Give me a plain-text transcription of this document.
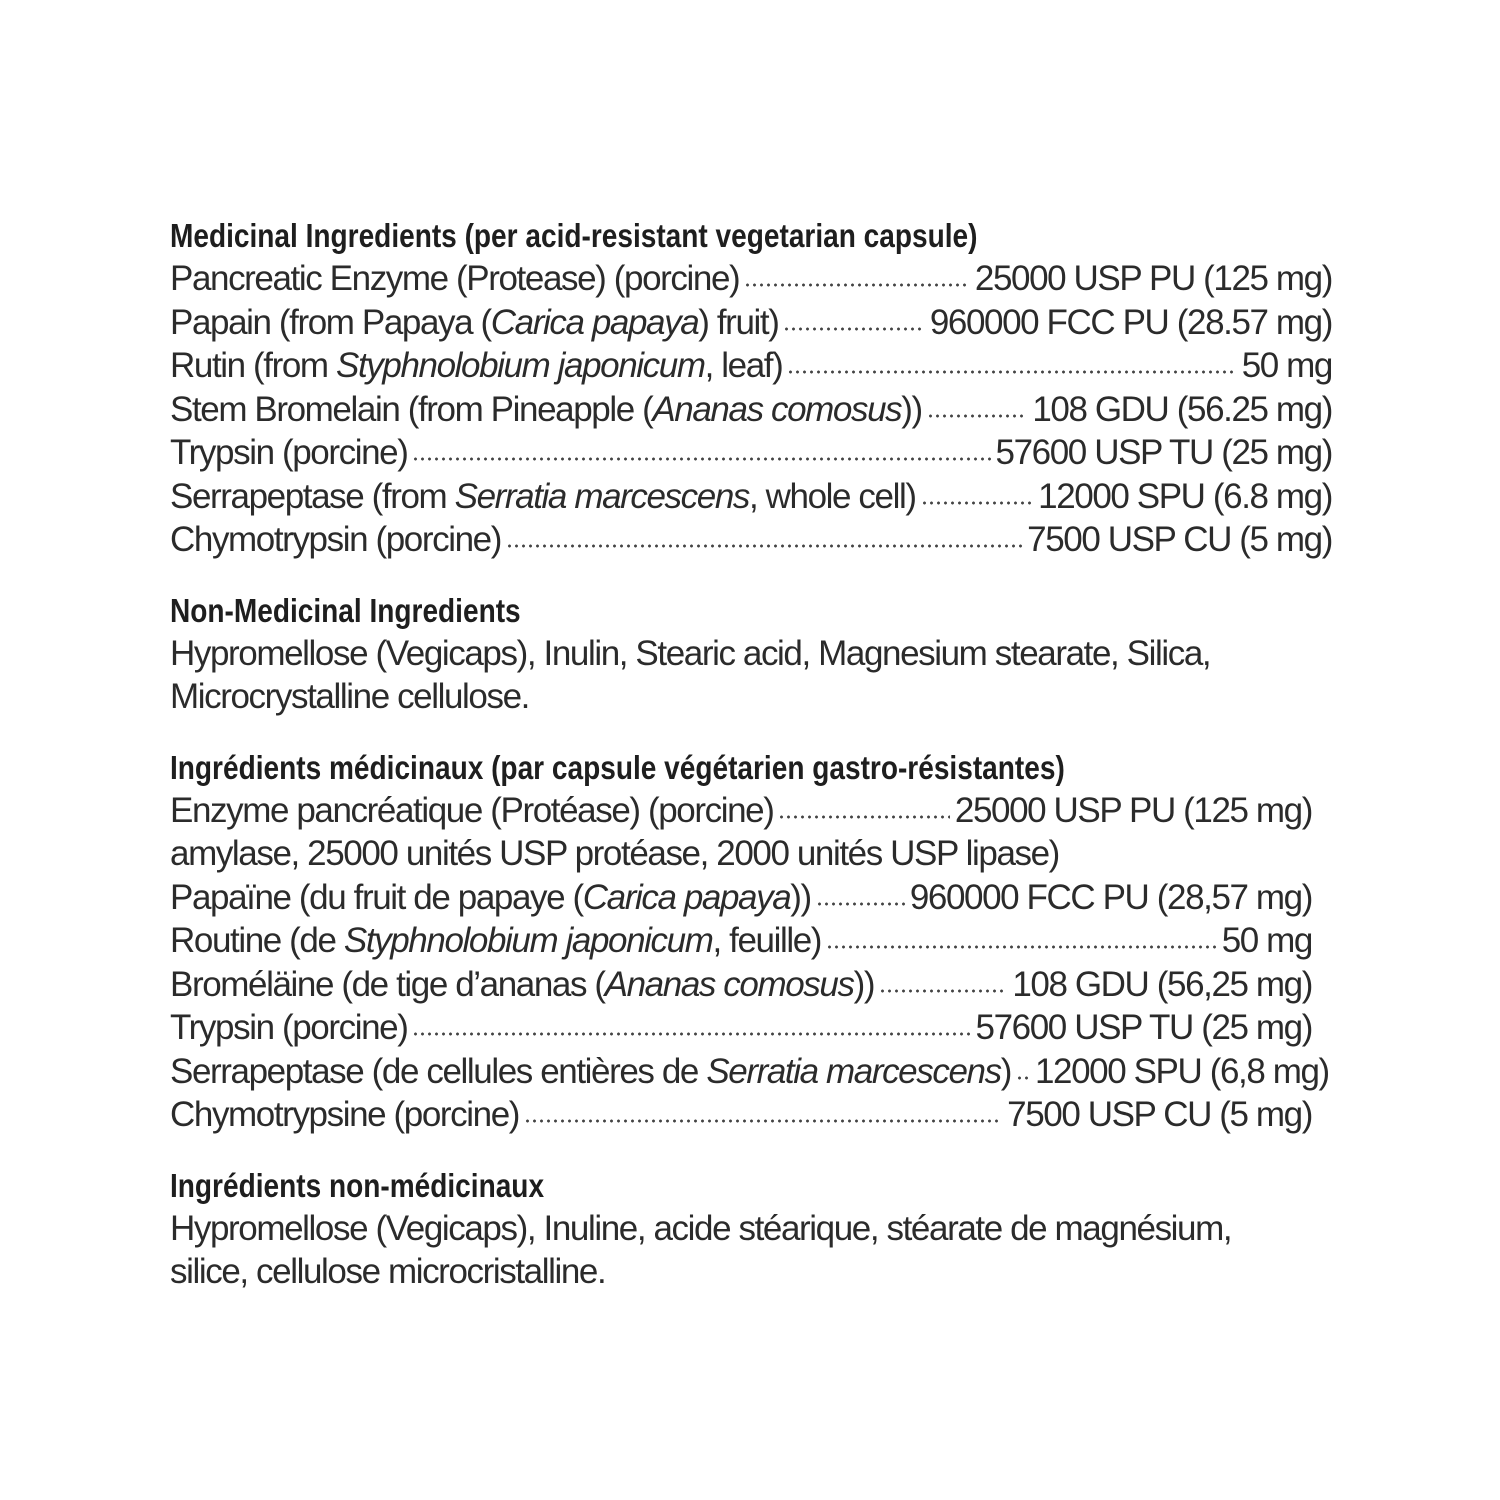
Medicinal Ingredients (per acid-resistant vegetarian capsule)
Pancreatic Enzyme (Protease) (porcine)	25000 USP PU (125 mg)
Papain (from Papaya (Carica papaya) fruit)	960000 FCC PU (28.57 mg)
Rutin (from Styphnolobium japonicum, leaf)	50 mg
Stem Bromelain (from Pineapple (Ananas comosus))	108 GDU (56.25 mg)
Trypsin (porcine)	57600 USP TU (25 mg)
Serrapeptase (from Serratia marcescens, whole cell)	12000 SPU (6.8 mg)
Chymotrypsin (porcine)	7500 USP CU (5 mg)
Non-Medicinal Ingredients
Hypromellose (Vegicaps), Inulin, Stearic acid, Magnesium stearate, Silica,
Microcrystalline cellulose.
Ingrédients médicinaux (par capsule végétarien gastro-résistantes)
Enzyme pancréatique (Protéase) (porcine)	25000 USP PU (125 mg)
amylase, 25000 unités USP protéase, 2000 unités USP lipase)
Papaïne (du fruit de papaye (Carica papaya))	960000 FCC PU (28,57 mg)
Routine (de Styphnolobium japonicum, feuille)	50 mg
Broméläine (de tige d’ananas (Ananas comosus))	108 GDU (56,25 mg)
Trypsin (porcine)	57600 USP TU (25 mg)
Serrapeptase (de cellules entières de Serratia marcescens) 12000 SPU (6,8 mg)
Chymotrypsine (porcine)	7500 USP CU (5 mg)
Ingrédients non-médicinaux
Hypromellose (Vegicaps), Inuline, acide stéarique, stéarate de magnésium,
silice, cellulose microcristalline.
